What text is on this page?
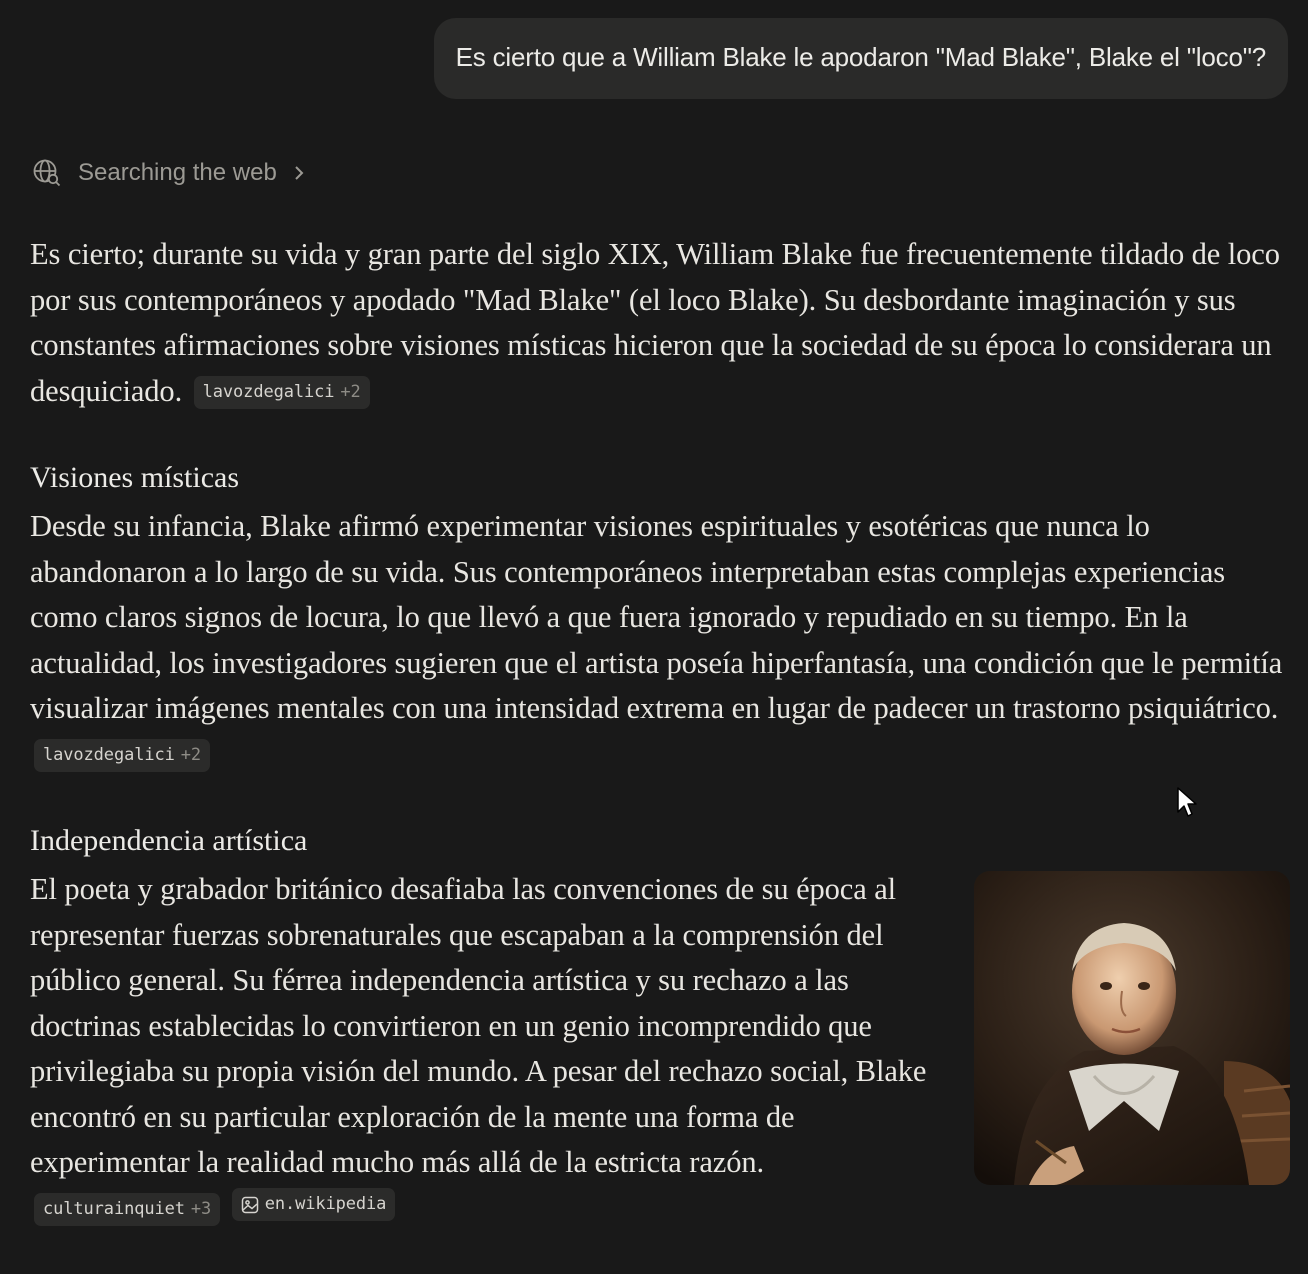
Es cierto que a William Blake le apodaron "Mad Blake", Blake el "loco"?
Searching the web

Es cierto; durante su vida y gran parte del siglo XIX, William Blake fue frecuentemente tildado de loco por sus contemporáneos y apodado "Mad Blake" (el loco Blake). Su desbordante imaginación y sus constantes afirmaciones sobre visiones místicas hicieron que la sociedad de su época lo considerara un desquiciado. lavozdegalici +2

Visiones místicas

Desde su infancia, Blake afirmó experimentar visiones espirituales y esotéricas que nunca lo abandonaron a lo largo de su vida. Sus contemporáneos interpretaban estas complejas experiencias como claros signos de locura, lo que llevó a que fuera ignorado y repudiado en su tiempo. En la actualidad, los investigadores sugieren que el artista poseía hiperfantasía, una condición que le permitía visualizar imágenes mentales con una intensidad extrema en lugar de padecer un trastorno psiquiátrico.
lavozdegalici +2

Independencia artística

El poeta y grabador británico desafiaba las convenciones de su época al representar fuerzas sobrenaturales que escapaban a la comprensión del público general. Su férrea independencia artística y su rechazo a las doctrinas establecidas lo convirtieron en un genio incomprendido que privilegiaba su propia visión del mundo. A pesar del rechazo social, Blake encontró en su particular exploración de la mente una forma de experimentar la realidad mucho más allá de la estricta razón.
culturainquiet +3
	en.wikipedia
